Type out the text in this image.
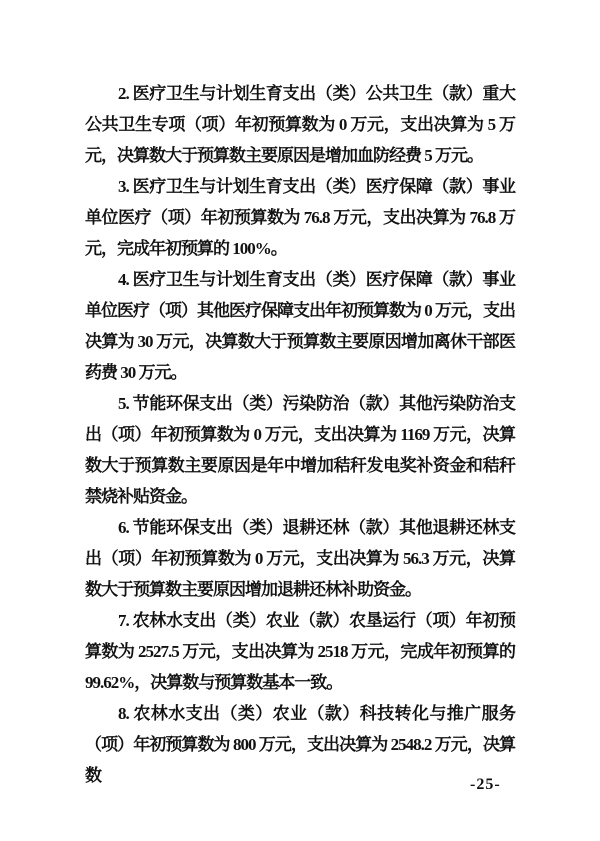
2. 医疗卫生与计划生育支出（类）公共卫生（款）重大公共卫生专项（项）年初预算数为 0 万元，支出决算为 5 万元，决算数大于预算数主要原因是增加血防经费 5 万元。

3. 医疗卫生与计划生育支出（类）医疗保障（款）事业单位医疗（项）年初预算数为 76.8 万元，支出决算为 76.8 万元，完成年初预算的 100%。

4. 医疗卫生与计划生育支出（类）医疗保障（款）事业单位医疗（项）其他医疗保障支出年初预算数为 0 万元，支出决算为 30 万元，决算数大于预算数主要原因增加离休干部医药费 30 万元。

5. 节能环保支出（类）污染防治（款）其他污染防治支出（项）年初预算数为 0 万元，支出决算为 1169 万元，决算数大于预算数主要原因是年中增加秸秆发电奖补资金和秸秆禁烧补贴资金。

6. 节能环保支出（类）退耕还林（款）其他退耕还林支出（项）年初预算数为 0 万元，支出决算为 56.3 万元，决算数大于预算数主要原因增加退耕还林补助资金。

7. 农林水支出（类）农业（款）农垦运行（项）年初预算数为 2527.5 万元，支出决算为 2518 万元，完成年初预算的 99.62%，决算数与预算数基本一致。

8. 农林水支出（类）农业（款）科技转化与推广服务（项）年初预算数为 800 万元，支出决算为 2548.2 万元，决算数	-25-
